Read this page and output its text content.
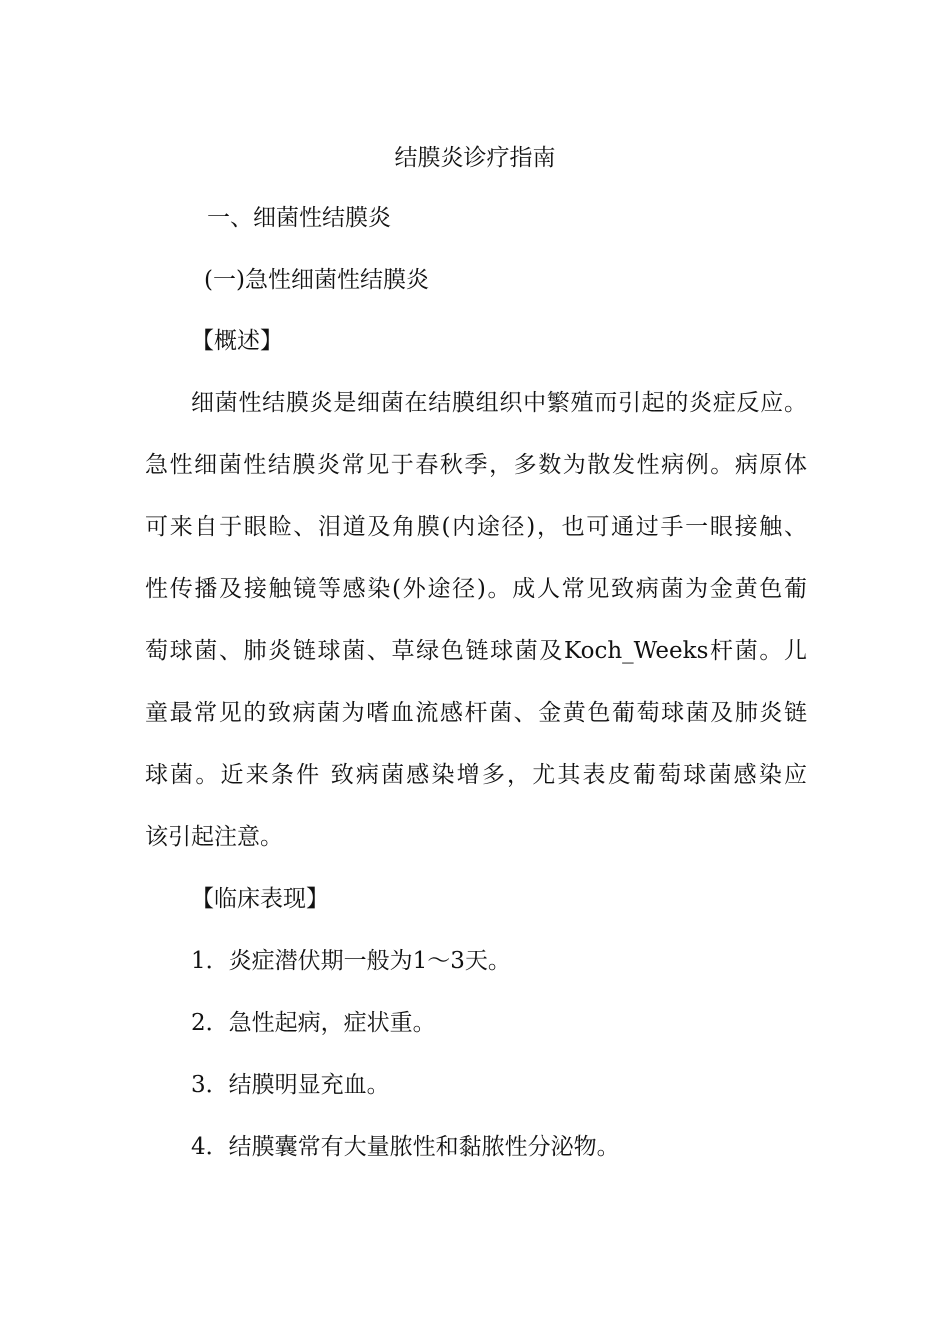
结膜炎诊疗指南
一、细菌性结膜炎
(一)急性细菌性结膜炎
【概述】
细菌性结膜炎是细菌在结膜组织中繁殖而引起的炎症反应。
急性细菌性结膜炎常见于春秋季，多数为散发性病例。病原体
可来自于眼睑、泪道及角膜(内途径)，也可通过手一眼接触、
性传播及接触镜等感染(外途径)。成人常见致病菌为金黄色葡
萄球菌、肺炎链球菌、草绿色链球菌及Koch_Weeks杆菌。儿
童最常见的致病菌为嗜血流感杆菌、金黄色葡萄球菌及肺炎链
球菌。近来条件 致病菌感染增多，尤其表皮葡萄球菌感染应
该引起注意。
【临床表现】
1．炎症潜伏期一般为1～3天。
2．急性起病，症状重。
3．结膜明显充血。
4．结膜囊常有大量脓性和黏脓性分泌物。
